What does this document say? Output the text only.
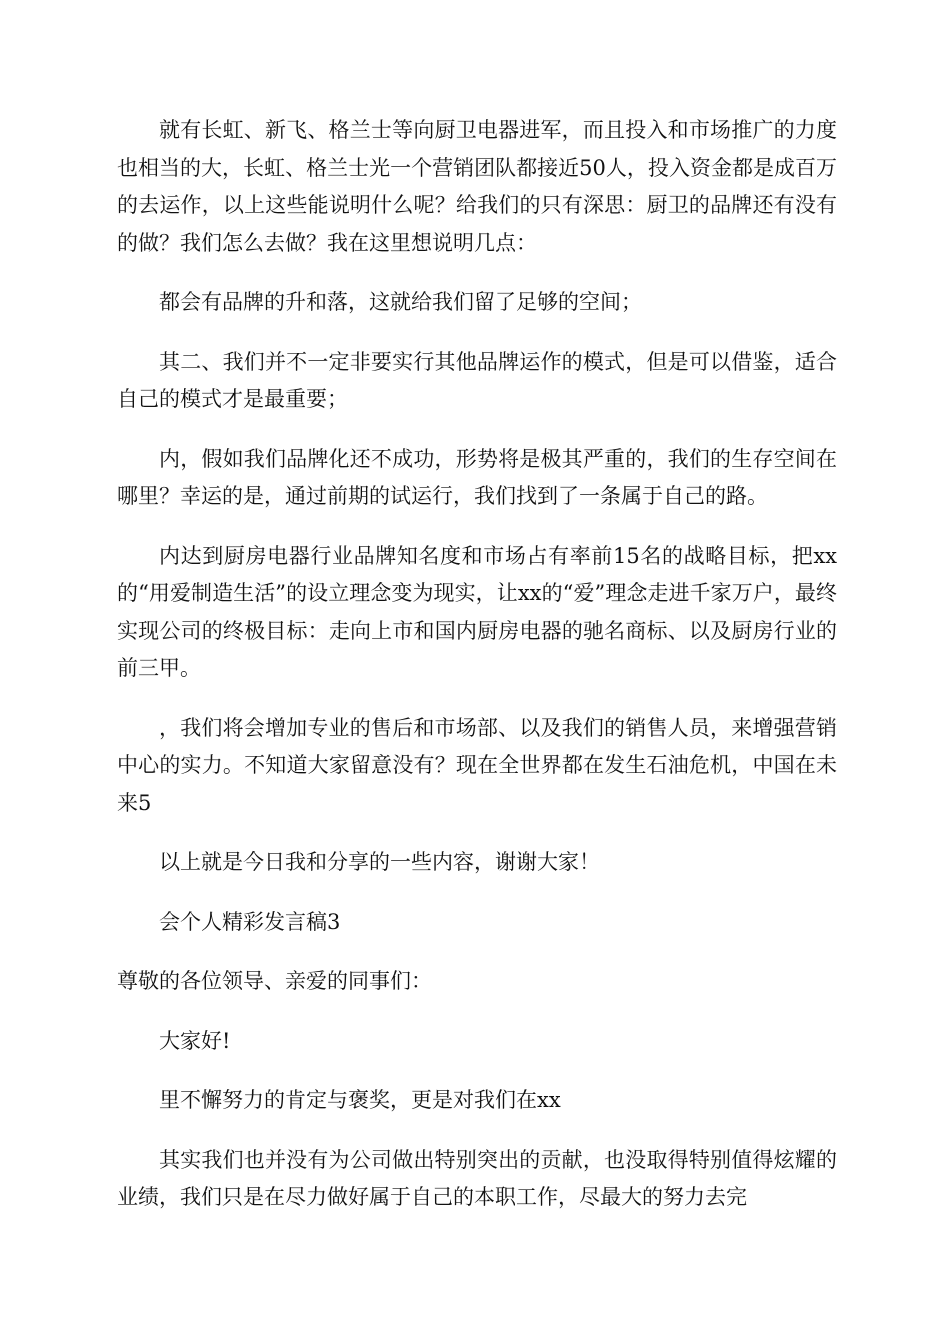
就有长虹、新飞、格兰士等向厨卫电器进军，而且投入和市场推广的力度也相当的大，长虹、格兰士光一个营销团队都接近50人，投入资金都是成百万的去运作，以上这些能说明什么呢？给我们的只有深思：厨卫的品牌还有没有的做？我们怎么去做？我在这里想说明几点：

都会有品牌的升和落，这就给我们留了足够的空间；

其二、我们并不一定非要实行其他品牌运作的模式，但是可以借鉴，适合自己的模式才是最重要；

内，假如我们品牌化还不成功，形势将是极其严重的，我们的生存空间在哪里？幸运的是，通过前期的试运行，我们找到了一条属于自己的路。

内达到厨房电器行业品牌知名度和市场占有率前15名的战略目标，把xx的“用爱制造生活”的设立理念变为现实，让xx的“爱”理念走进千家万户，最终实现公司的终极目标：走向上市和国内厨房电器的驰名商标、以及厨房行业的前三甲。

，我们将会增加专业的售后和市场部、以及我们的销售人员，来增强营销中心的实力。不知道大家留意没有？现在全世界都在发生石油危机，中国在未来5

以上就是今日我和分享的一些内容，谢谢大家！

会个人精彩发言稿3

尊敬的各位领导、亲爱的同事们：

大家好!

里不懈努力的肯定与褒奖，更是对我们在xx

其实我们也并没有为公司做出特别突出的贡献，也没取得特别值得炫耀的业绩，我们只是在尽力做好属于自己的本职工作，尽最大的努力去完
